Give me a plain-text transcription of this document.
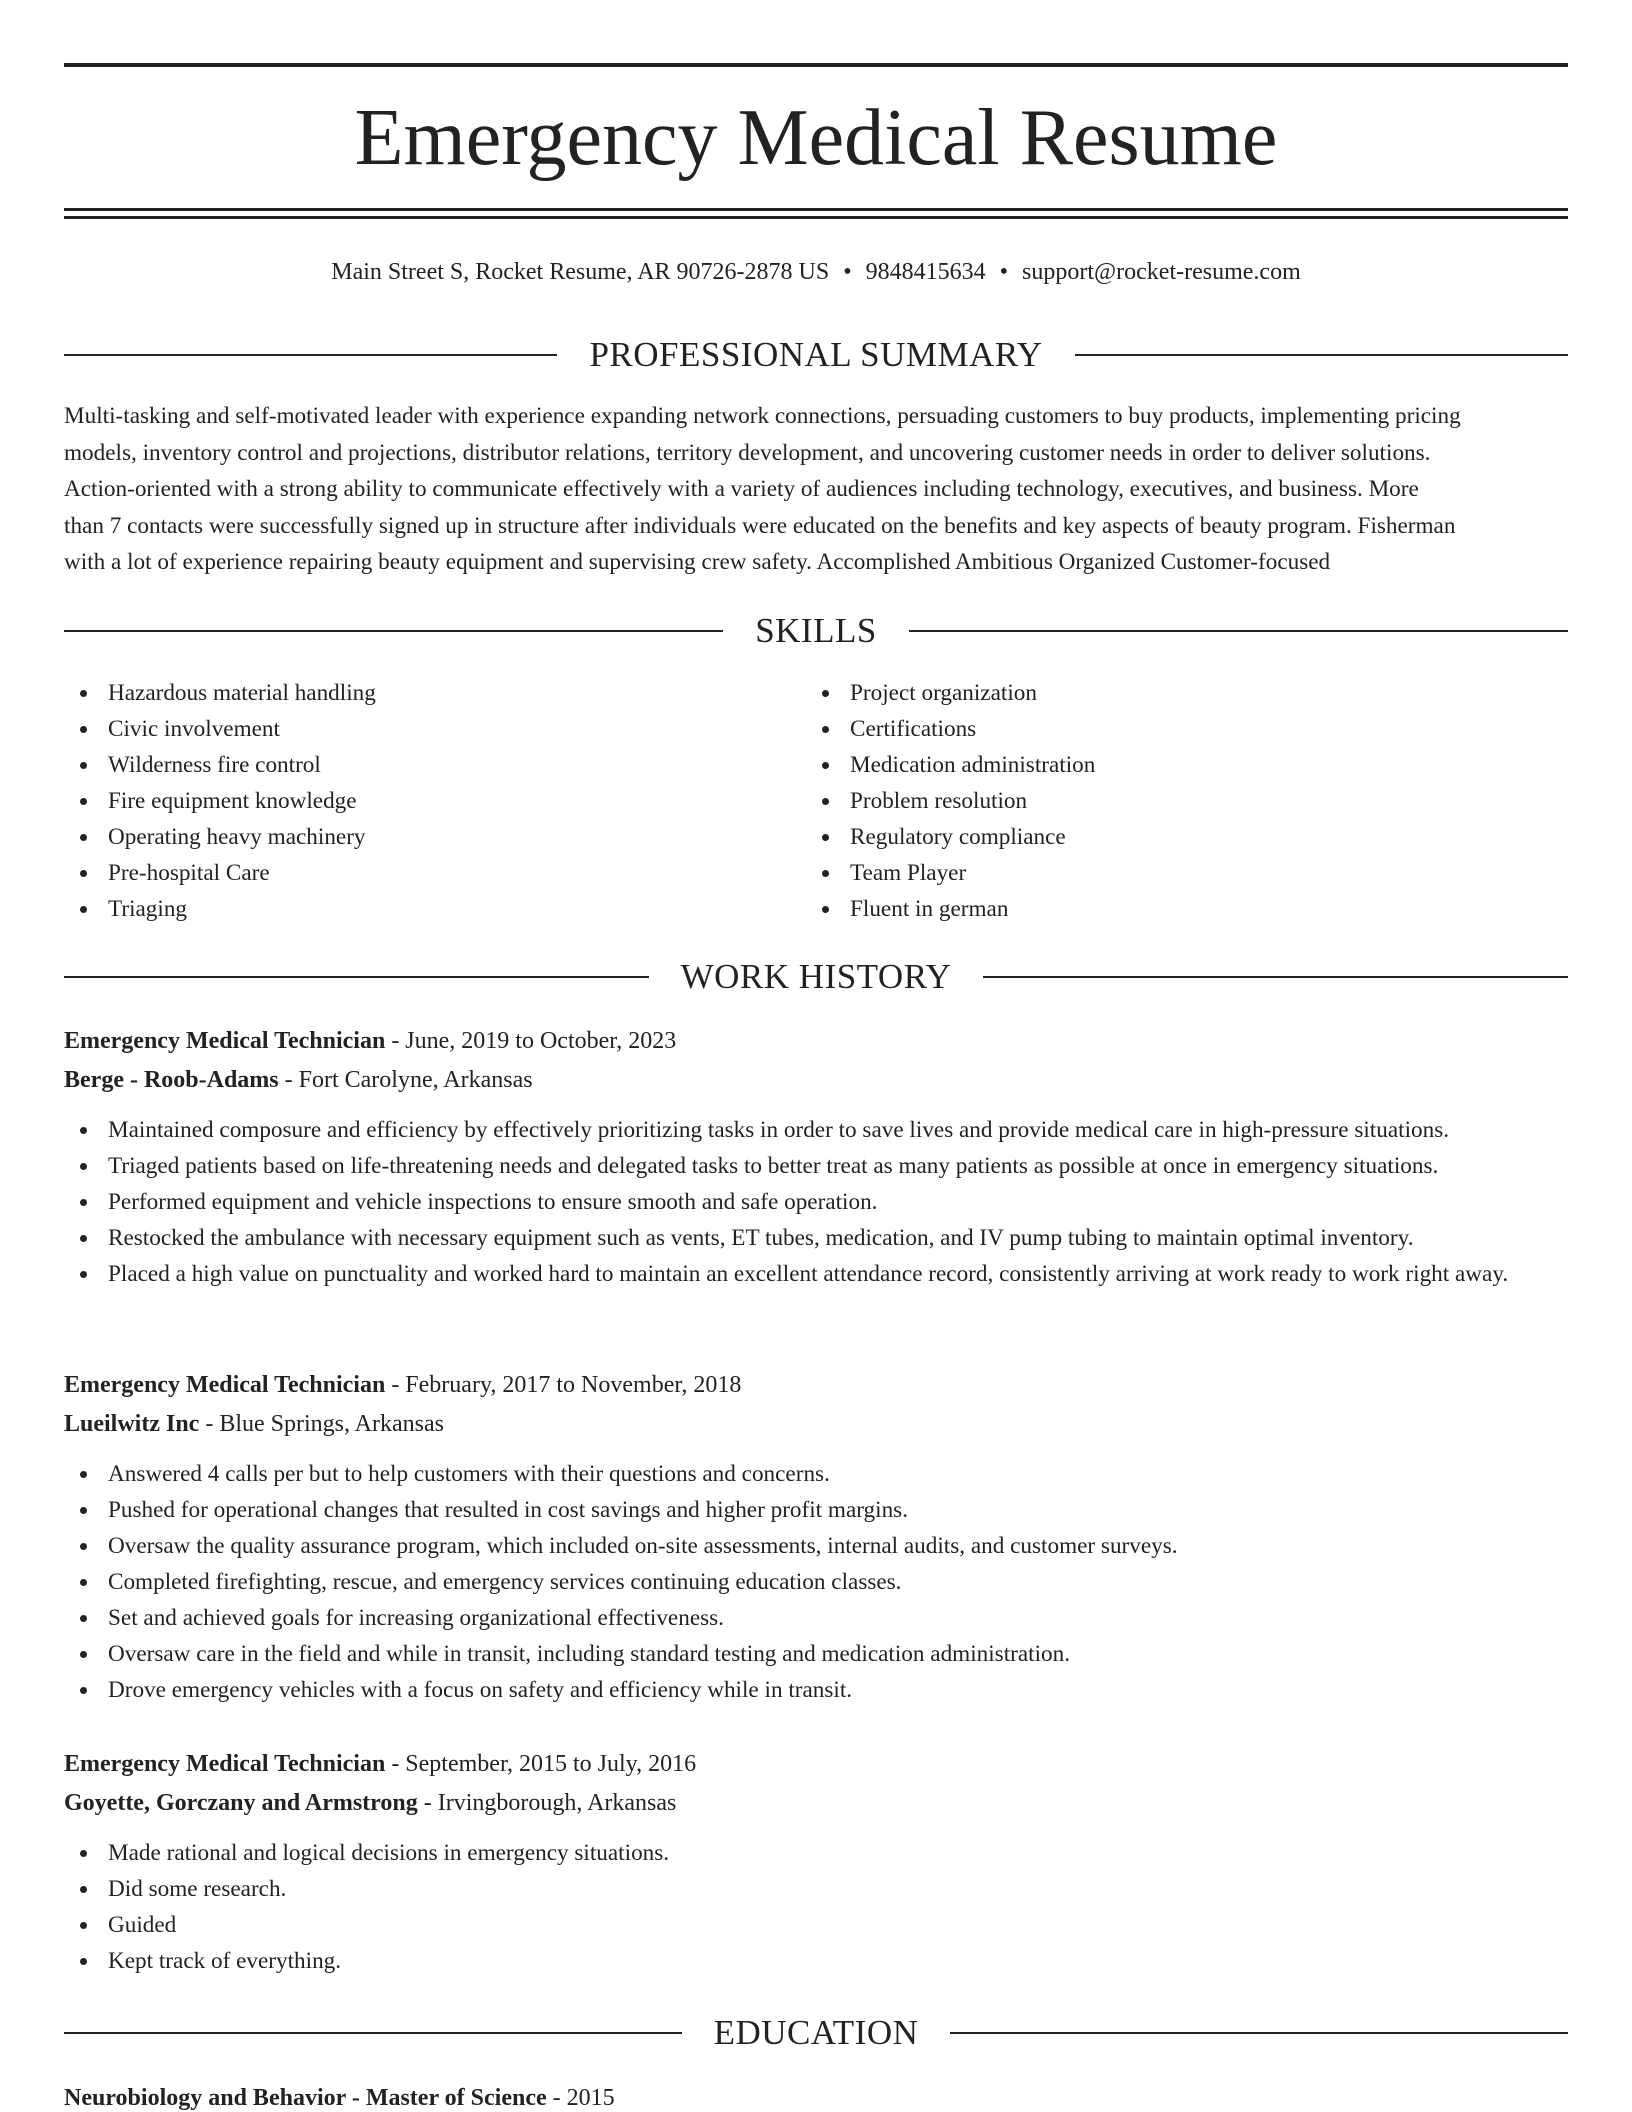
Emergency Medical Resume
Main Street S, Rocket Resume, AR 90726-2878 US • 9848415634 • support@rocket-resume.com
PROFESSIONAL SUMMARY
Multi-tasking and self-motivated leader with experience expanding network connections, persuading customers to buy products, implementing pricing
models, inventory control and projections, distributor relations, territory development, and uncovering customer needs in order to deliver solutions.
Action-oriented with a strong ability to communicate effectively with a variety of audiences including technology, executives, and business. More
than 7 contacts were successfully signed up in structure after individuals were educated on the benefits and key aspects of beauty program. Fisherman
with a lot of experience repairing beauty equipment and supervising crew safety. Accomplished Ambitious Organized Customer-focused
SKILLS
Hazardous material handling
Civic involvement
Wilderness fire control
Fire equipment knowledge
Operating heavy machinery
Pre-hospital Care
Triaging
Project organization
Certifications
Medication administration
Problem resolution
Regulatory compliance
Team Player
Fluent in german
WORK HISTORY
Emergency Medical Technician - June, 2019 to October, 2023
Berge - Roob-Adams - Fort Carolyne, Arkansas
Maintained composure and efficiency by effectively prioritizing tasks in order to save lives and provide medical care in high-pressure situations.
Triaged patients based on life-threatening needs and delegated tasks to better treat as many patients as possible at once in emergency situations.
Performed equipment and vehicle inspections to ensure smooth and safe operation.
Restocked the ambulance with necessary equipment such as vents, ET tubes, medication, and IV pump tubing to maintain optimal inventory.
Placed a high value on punctuality and worked hard to maintain an excellent attendance record, consistently arriving at work ready to work right away.
Emergency Medical Technician - February, 2017 to November, 2018
Lueilwitz Inc - Blue Springs, Arkansas
Answered 4 calls per but to help customers with their questions and concerns.
Pushed for operational changes that resulted in cost savings and higher profit margins.
Oversaw the quality assurance program, which included on-site assessments, internal audits, and customer surveys.
Completed firefighting, rescue, and emergency services continuing education classes.
Set and achieved goals for increasing organizational effectiveness.
Oversaw care in the field and while in transit, including standard testing and medication administration.
Drove emergency vehicles with a focus on safety and efficiency while in transit.
Emergency Medical Technician - September, 2015 to July, 2016
Goyette, Gorczany and Armstrong - Irvingborough, Arkansas
Made rational and logical decisions in emergency situations.
Did some research.
Guided
Kept track of everything.
EDUCATION
Neurobiology and Behavior - Master of Science - 2015
